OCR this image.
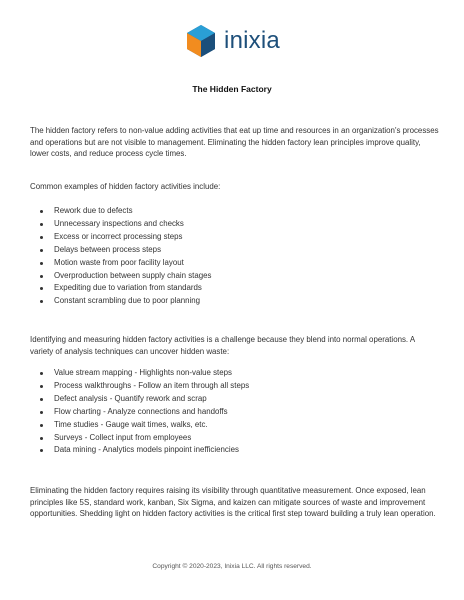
inixia
The Hidden Factory

The hidden factory refers to non-value adding activities that eat up time and resources in an organization's processes and operations but are not visible to management. Eliminating the hidden factory lean principles improve quality, lower costs, and reduce process cycle times.

Common examples of hidden factory activities include:

Rework due to defects
Unnecessary inspections and checks
Excess or incorrect processing steps
Delays between process steps
Motion waste from poor facility layout
Overproduction between supply chain stages
Expediting due to variation from standards
Constant scrambling due to poor planning

Identifying and measuring hidden factory activities is a challenge because they blend into normal operations. A variety of analysis techniques can uncover hidden waste:

Value stream mapping - Highlights non-value steps
Process walkthroughs - Follow an item through all steps
Defect analysis - Quantify rework and scrap
Flow charting - Analyze connections and handoffs
Time studies - Gauge wait times, walks, etc.
Surveys - Collect input from employees
Data mining - Analytics models pinpoint inefficiencies

Eliminating the hidden factory requires raising its visibility through quantitative measurement. Once exposed, lean principles like 5S, standard work, kanban, Six Sigma, and kaizen can mitigate sources of waste and improvement opportunities. Shedding light on hidden factory activities is the critical first step toward building a truly lean operation.

Copyright © 2020-2023, Inixia LLC. All rights reserved.
